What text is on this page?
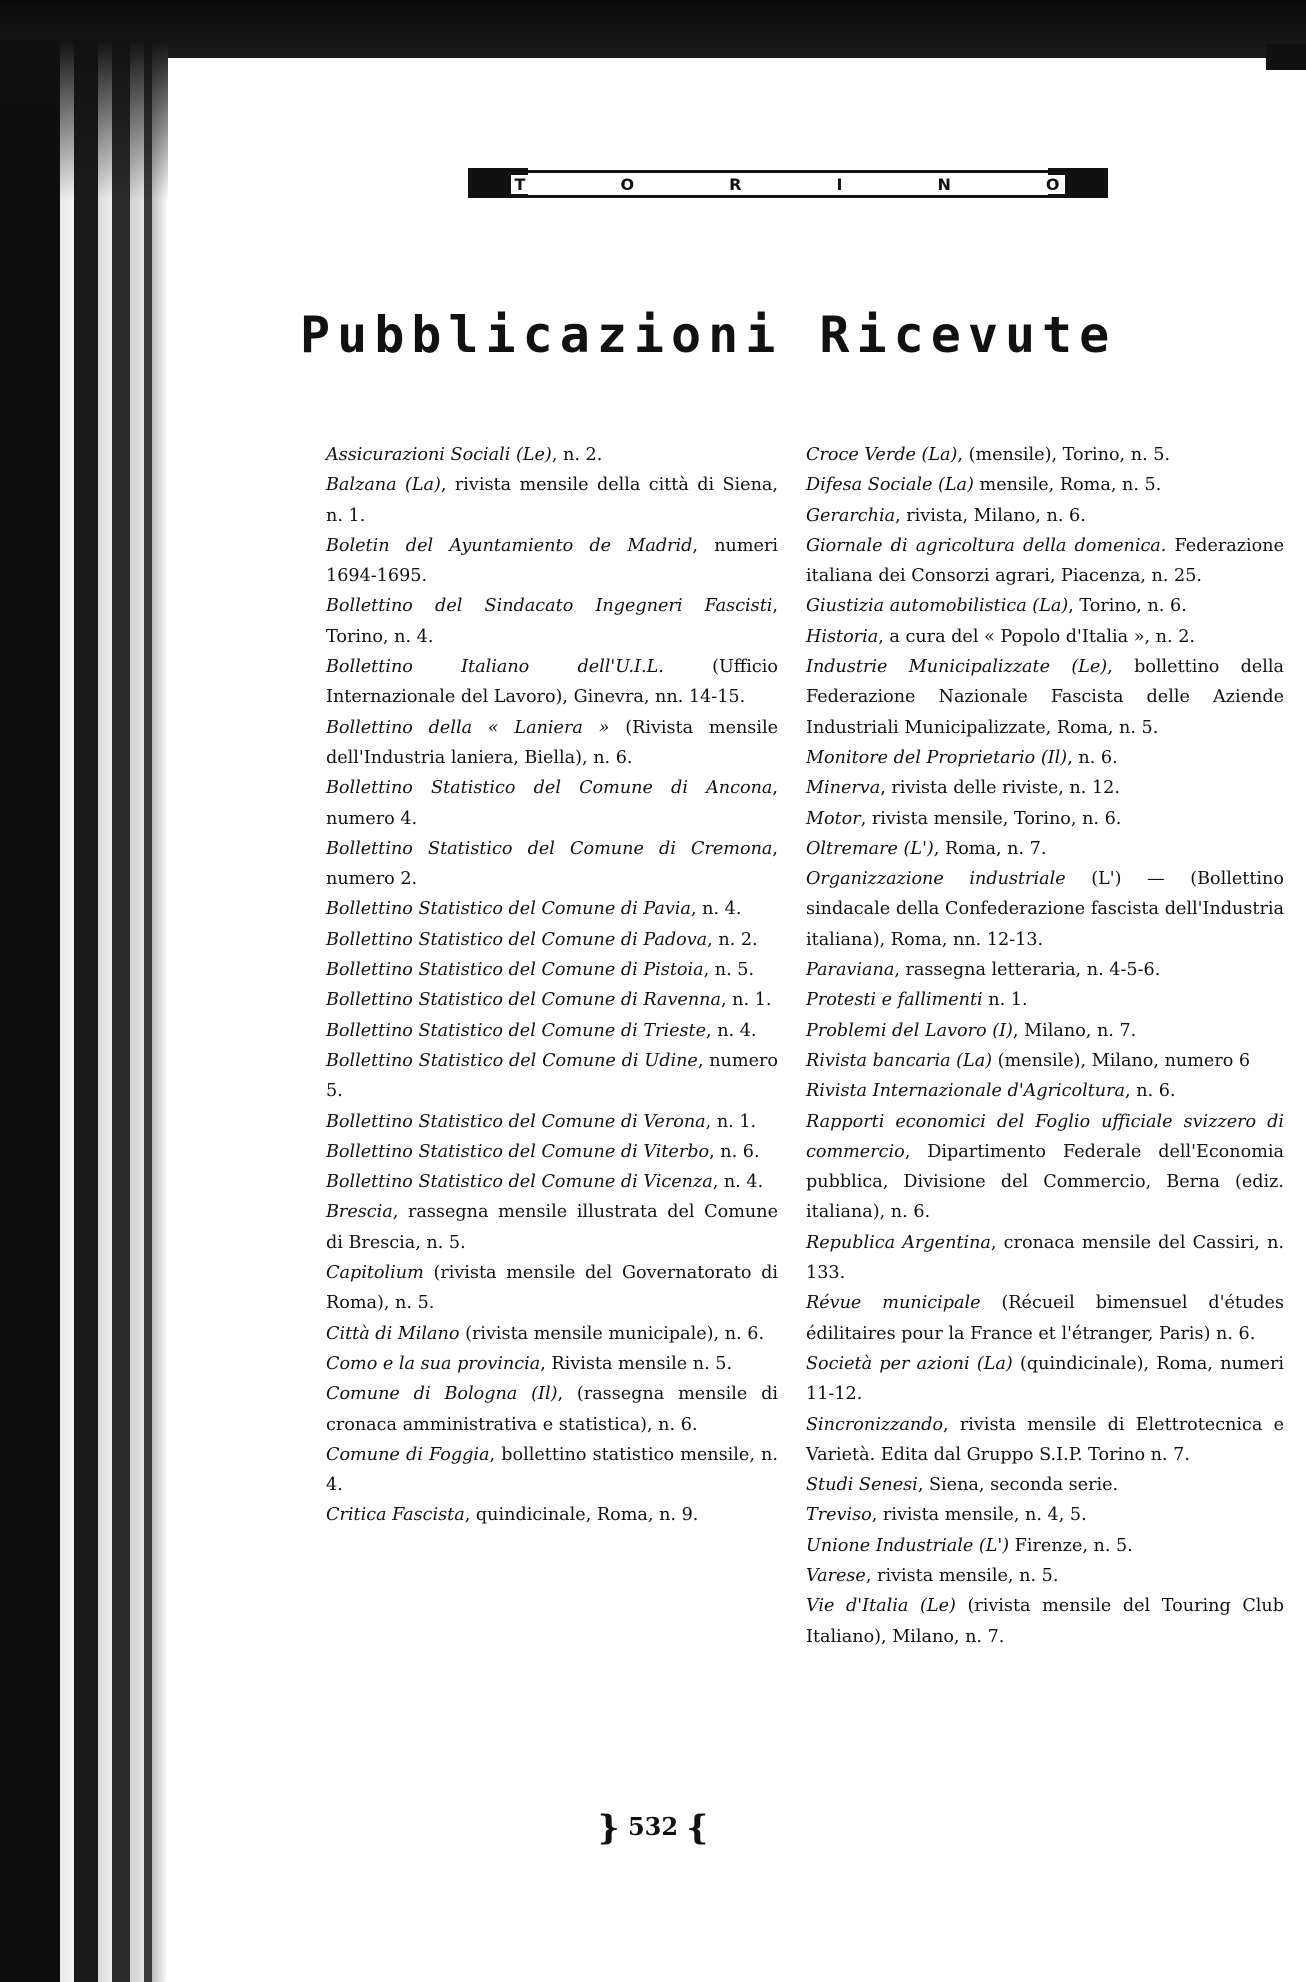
T	O	R	I	N	O
Pubblicazioni Ricevute

Assicurazioni Sociali (Le), n. 2.

Balzana (La), rivista mensile della città di Siena, n. 1.

Boletin del Ayuntamiento de Madrid, numeri 1694-1695.

Bollettino del Sindacato Ingegneri Fascisti, Torino, n. 4.

Bollettino Italiano dell'U.I.L. (Ufficio Internazionale del Lavoro), Ginevra, nn. 14-15.

Bollettino della « Laniera » (Rivista mensile dell'Industria laniera, Biella), n. 6.

Bollettino Statistico del Comune di Ancona, numero 4.

Bollettino Statistico del Comune di Cremona, numero 2.

Bollettino Statistico del Comune di Pavia, n. 4.

Bollettino Statistico del Comune di Padova, n. 2.

Bollettino Statistico del Comune di Pistoia, n. 5.

Bollettino Statistico del Comune di Ravenna, n. 1.

Bollettino Statistico del Comune di Trieste, n. 4.

Bollettino Statistico del Comune di Udine, numero 5.

Bollettino Statistico del Comune di Verona, n. 1.

Bollettino Statistico del Comune di Viterbo, n. 6.

Bollettino Statistico del Comune di Vicenza, n. 4.

Brescia, rassegna mensile illustrata del Comune di Brescia, n. 5.

Capitolium (rivista mensile del Governatorato di Roma), n. 5.

Città di Milano (rivista mensile municipale), n. 6.

Como e la sua provincia, Rivista mensile n. 5.

Comune di Bologna (Il), (rassegna mensile di cronaca amministrativa e statistica), n. 6.

Comune di Foggia, bollettino statistico mensile, n. 4.

Critica Fascista, quindicinale, Roma, n. 9.

Croce Verde (La), (mensile), Torino, n. 5.

Difesa Sociale (La) mensile, Roma, n. 5.

Gerarchia, rivista, Milano, n. 6.

Giornale di agricoltura della domenica. Federazione italiana dei Consorzi agrari, Piacenza, n. 25.

Giustizia automobilistica (La), Torino, n. 6.

Historia, a cura del « Popolo d'Italia », n. 2.

Industrie Municipalizzate (Le), bollettino della Federazione Nazionale Fascista delle Aziende Industriali Municipalizzate, Roma, n. 5.

Monitore del Proprietario (Il), n. 6.

Minerva, rivista delle riviste, n. 12.

Motor, rivista mensile, Torino, n. 6.

Oltremare (L'), Roma, n. 7.

Organizzazione industriale (L') — (Bollettino sindacale della Confederazione fascista dell'Industria italiana), Roma, nn. 12-13.

Paraviana, rassegna letteraria, n. 4-5-6.

Protesti e fallimenti n. 1.

Problemi del Lavoro (I), Milano, n. 7.

Rivista bancaria (La) (mensile), Milano, numero 6

Rivista Internazionale d'Agricoltura, n. 6.

Rapporti economici del Foglio ufficiale svizzero di commercio, Dipartimento Federale dell'Economia pubblica, Divisione del Commercio, Berna (ediz. italiana), n. 6.

Republica Argentina, cronaca mensile del Cassiri, n. 133.

Révue municipale (Récueil bimensuel d'études édilitaires pour la France et l'étranger, Paris) n. 6.

Società per azioni (La) (quindicinale), Roma, numeri 11-12.

Sincronizzando, rivista mensile di Elettrotecnica e Varietà. Edita dal Gruppo S.I.P. Torino n. 7.

Studi Senesi, Siena, seconda serie.

Treviso, rivista mensile, n. 4, 5.

Unione Industriale (L') Firenze, n. 5.

Varese, rivista mensile, n. 5.

Vie d'Italia (Le) (rivista mensile del Touring Club Italiano), Milano, n. 7.

} 532 {
